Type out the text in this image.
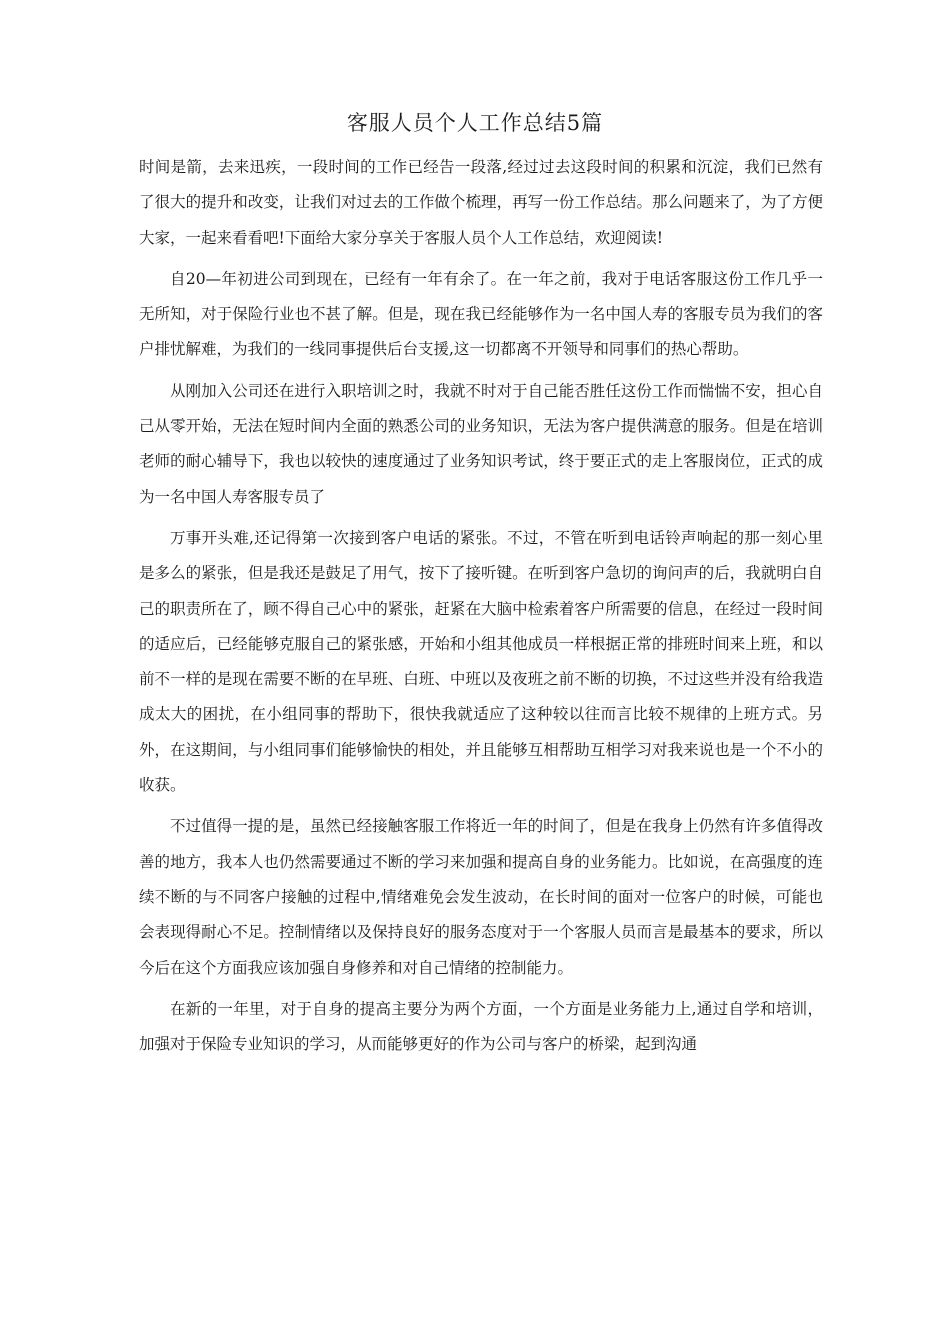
客服人员个人工作总结5篇

时间是箭，去来迅疾，一段时间的工作已经告一段落,经过过去这段时间的积累和沉淀，我们已然有了很大的提升和改变，让我们对过去的工作做个梳理，再写一份工作总结。那么问题来了，为了方便大家，一起来看看吧!下面给大家分享关于客服人员个人工作总结，欢迎阅读!

自20—年初进公司到现在，已经有一年有余了。在一年之前，我对于电话客服这份工作几乎一无所知，对于保险行业也不甚了解。但是，现在我已经能够作为一名中国人寿的客服专员为我们的客户排忧解难，为我们的一线同事提供后台支援,这一切都离不开领导和同事们的热心帮助。

从刚加入公司还在进行入职培训之时，我就不时对于自己能否胜任这份工作而惴惴不安，担心自己从零开始，无法在短时间内全面的熟悉公司的业务知识，无法为客户提供满意的服务。但是在培训老师的耐心辅导下，我也以较快的速度通过了业务知识考试，终于要正式的走上客服岗位，正式的成为一名中国人寿客服专员了

万事开头难,还记得第一次接到客户电话的紧张。不过，不管在听到电话铃声响起的那一刻心里是多么的紧张，但是我还是鼓足了用气，按下了接听键。在听到客户急切的询问声的后，我就明白自己的职责所在了，顾不得自己心中的紧张，赶紧在大脑中检索着客户所需要的信息，在经过一段时间的适应后，已经能够克服自己的紧张感，开始和小组其他成员一样根据正常的排班时间来上班，和以前不一样的是现在需要不断的在早班、白班、中班以及夜班之前不断的切换，不过这些并没有给我造成太大的困扰，在小组同事的帮助下，很快我就适应了这种较以往而言比较不规律的上班方式。另外，在这期间，与小组同事们能够愉快的相处，并且能够互相帮助互相学习对我来说也是一个不小的收获。

不过值得一提的是，虽然已经接触客服工作将近一年的时间了，但是在我身上仍然有许多值得改善的地方，我本人也仍然需要通过不断的学习来加强和提高自身的业务能力。比如说，在高强度的连续不断的与不同客户接触的过程中,情绪难免会发生波动，在长时间的面对一位客户的时候，可能也会表现得耐心不足。控制情绪以及保持良好的服务态度对于一个客服人员而言是最基本的要求，所以今后在这个方面我应该加强自身修养和对自己情绪的控制能力。

在新的一年里，对于自身的提高主要分为两个方面，一个方面是业务能力上,通过自学和培训，加强对于保险专业知识的学习，从而能够更好的作为公司与客户的桥梁，起到沟通
